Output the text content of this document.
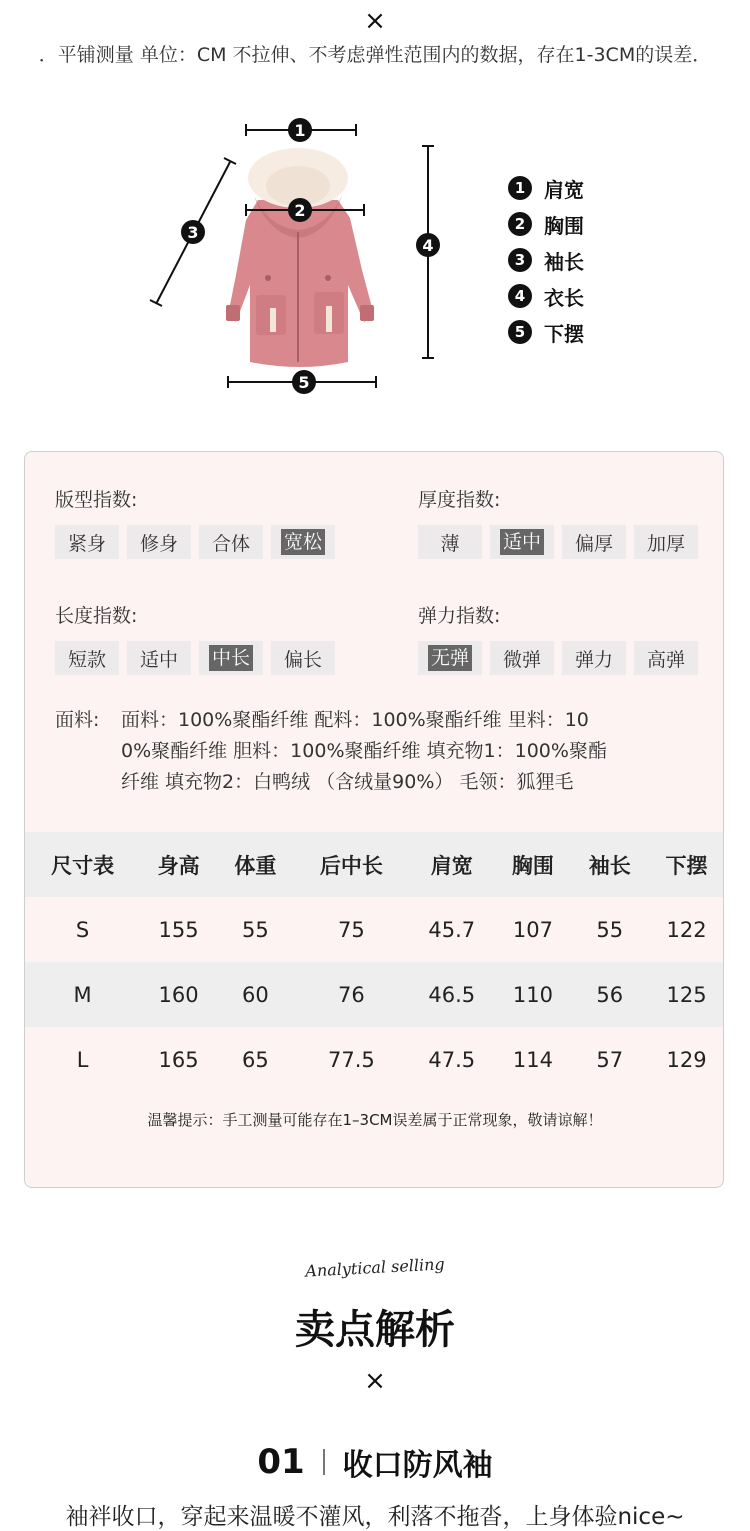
×
．平铺测量 单位：CM 不拉伸、不考虑弹性范围内的数据，存在1-3CM的误差．
1
2
3
4
5
1 肩宽
2 胸围
3 袖长
4 衣长
5 下摆
版型指数:
紧身 修身 合体 宽松
厚度指数:
薄 适中 偏厚 加厚
长度指数:
短款 适中 中长 偏长
弹力指数:
无弹 微弹 弹力 高弹
面料: 面料：100%聚酯纤维 配料：100%聚酯纤维 里料：10
0%聚酯纤维 胆料：100%聚酯纤维 填充物1：100%聚酯
纤维 填充物2：白鸭绒 （含绒量90%） 毛领：狐狸毛
尺寸表	身高	体重	后中长	肩宽	胸围	袖长	下摆
S	155	55	75	45.7	107	55	122
M	160	60	76	46.5	110	56	125
L	165	65	77.5	47.5	114	57	129
温馨提示：手工测量可能存在1–3CM误差属于正常现象，敬请谅解！
Analytical selling
卖点解析
×
01 收口防风袖
袖袢收口，穿起来温暖不灌风，利落不拖沓，上身体验nice~
